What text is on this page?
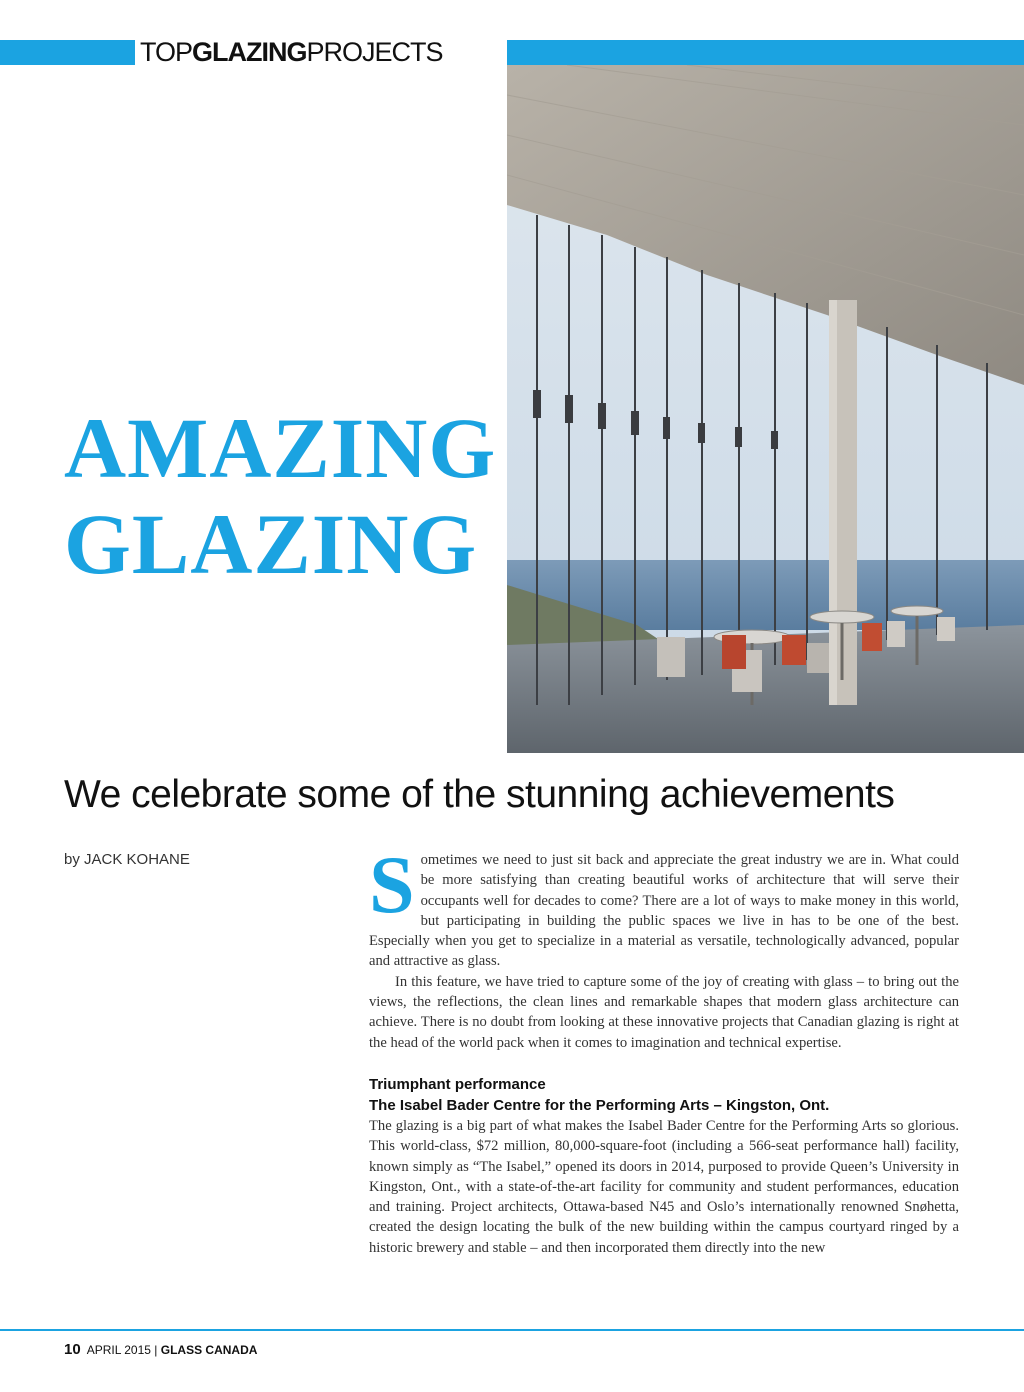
TOPGLAZINGPROJECTS
AMAZING
GLAZING
We celebrate some of the stunning achievements
by JACK KOHANE Sometimes we need to just sit back and appreciate the great industry we are in. What could be more satisfying than creating beautiful works of architecture that will serve their occupants well for decades to come? There are a lot of ways to make money in this world, but participating in building the public spaces we live in has to be one of the best. Especially when you get to specialize in a material as versatile, technologically advanced, popular and attractive as glass.

In this feature, we have tried to capture some of the joy of creating with glass – to bring out the views, the reflections, the clean lines and remarkable shapes that modern glass architecture can achieve. There is no doubt from looking at these innovative projects that Canadian glazing is right at the head of the world pack when it comes to imagination and technical expertise.

Triumphant performance
The Isabel Bader Centre for the Performing Arts – Kingston, Ont.

The glazing is a big part of what makes the Isabel Bader Centre for the Performing Arts so glorious. This world-class, $72 million, 80,000-square-foot (including a 566-seat performance hall) facility, known simply as “The Isabel,” opened its doors in 2014, purposed to provide Queen’s University in Kingston, Ont., with a state-of-the-art facility for community and student performances, education and training. Project architects, Ottawa-based N45 and Oslo’s internationally renowned Snøhetta, created the design locating the bulk of the new building within the campus courtyard ringed by a historic brewery and stable – and then incorporated them directly into the new

10 APRIL 2015 | GLASS CANADA
